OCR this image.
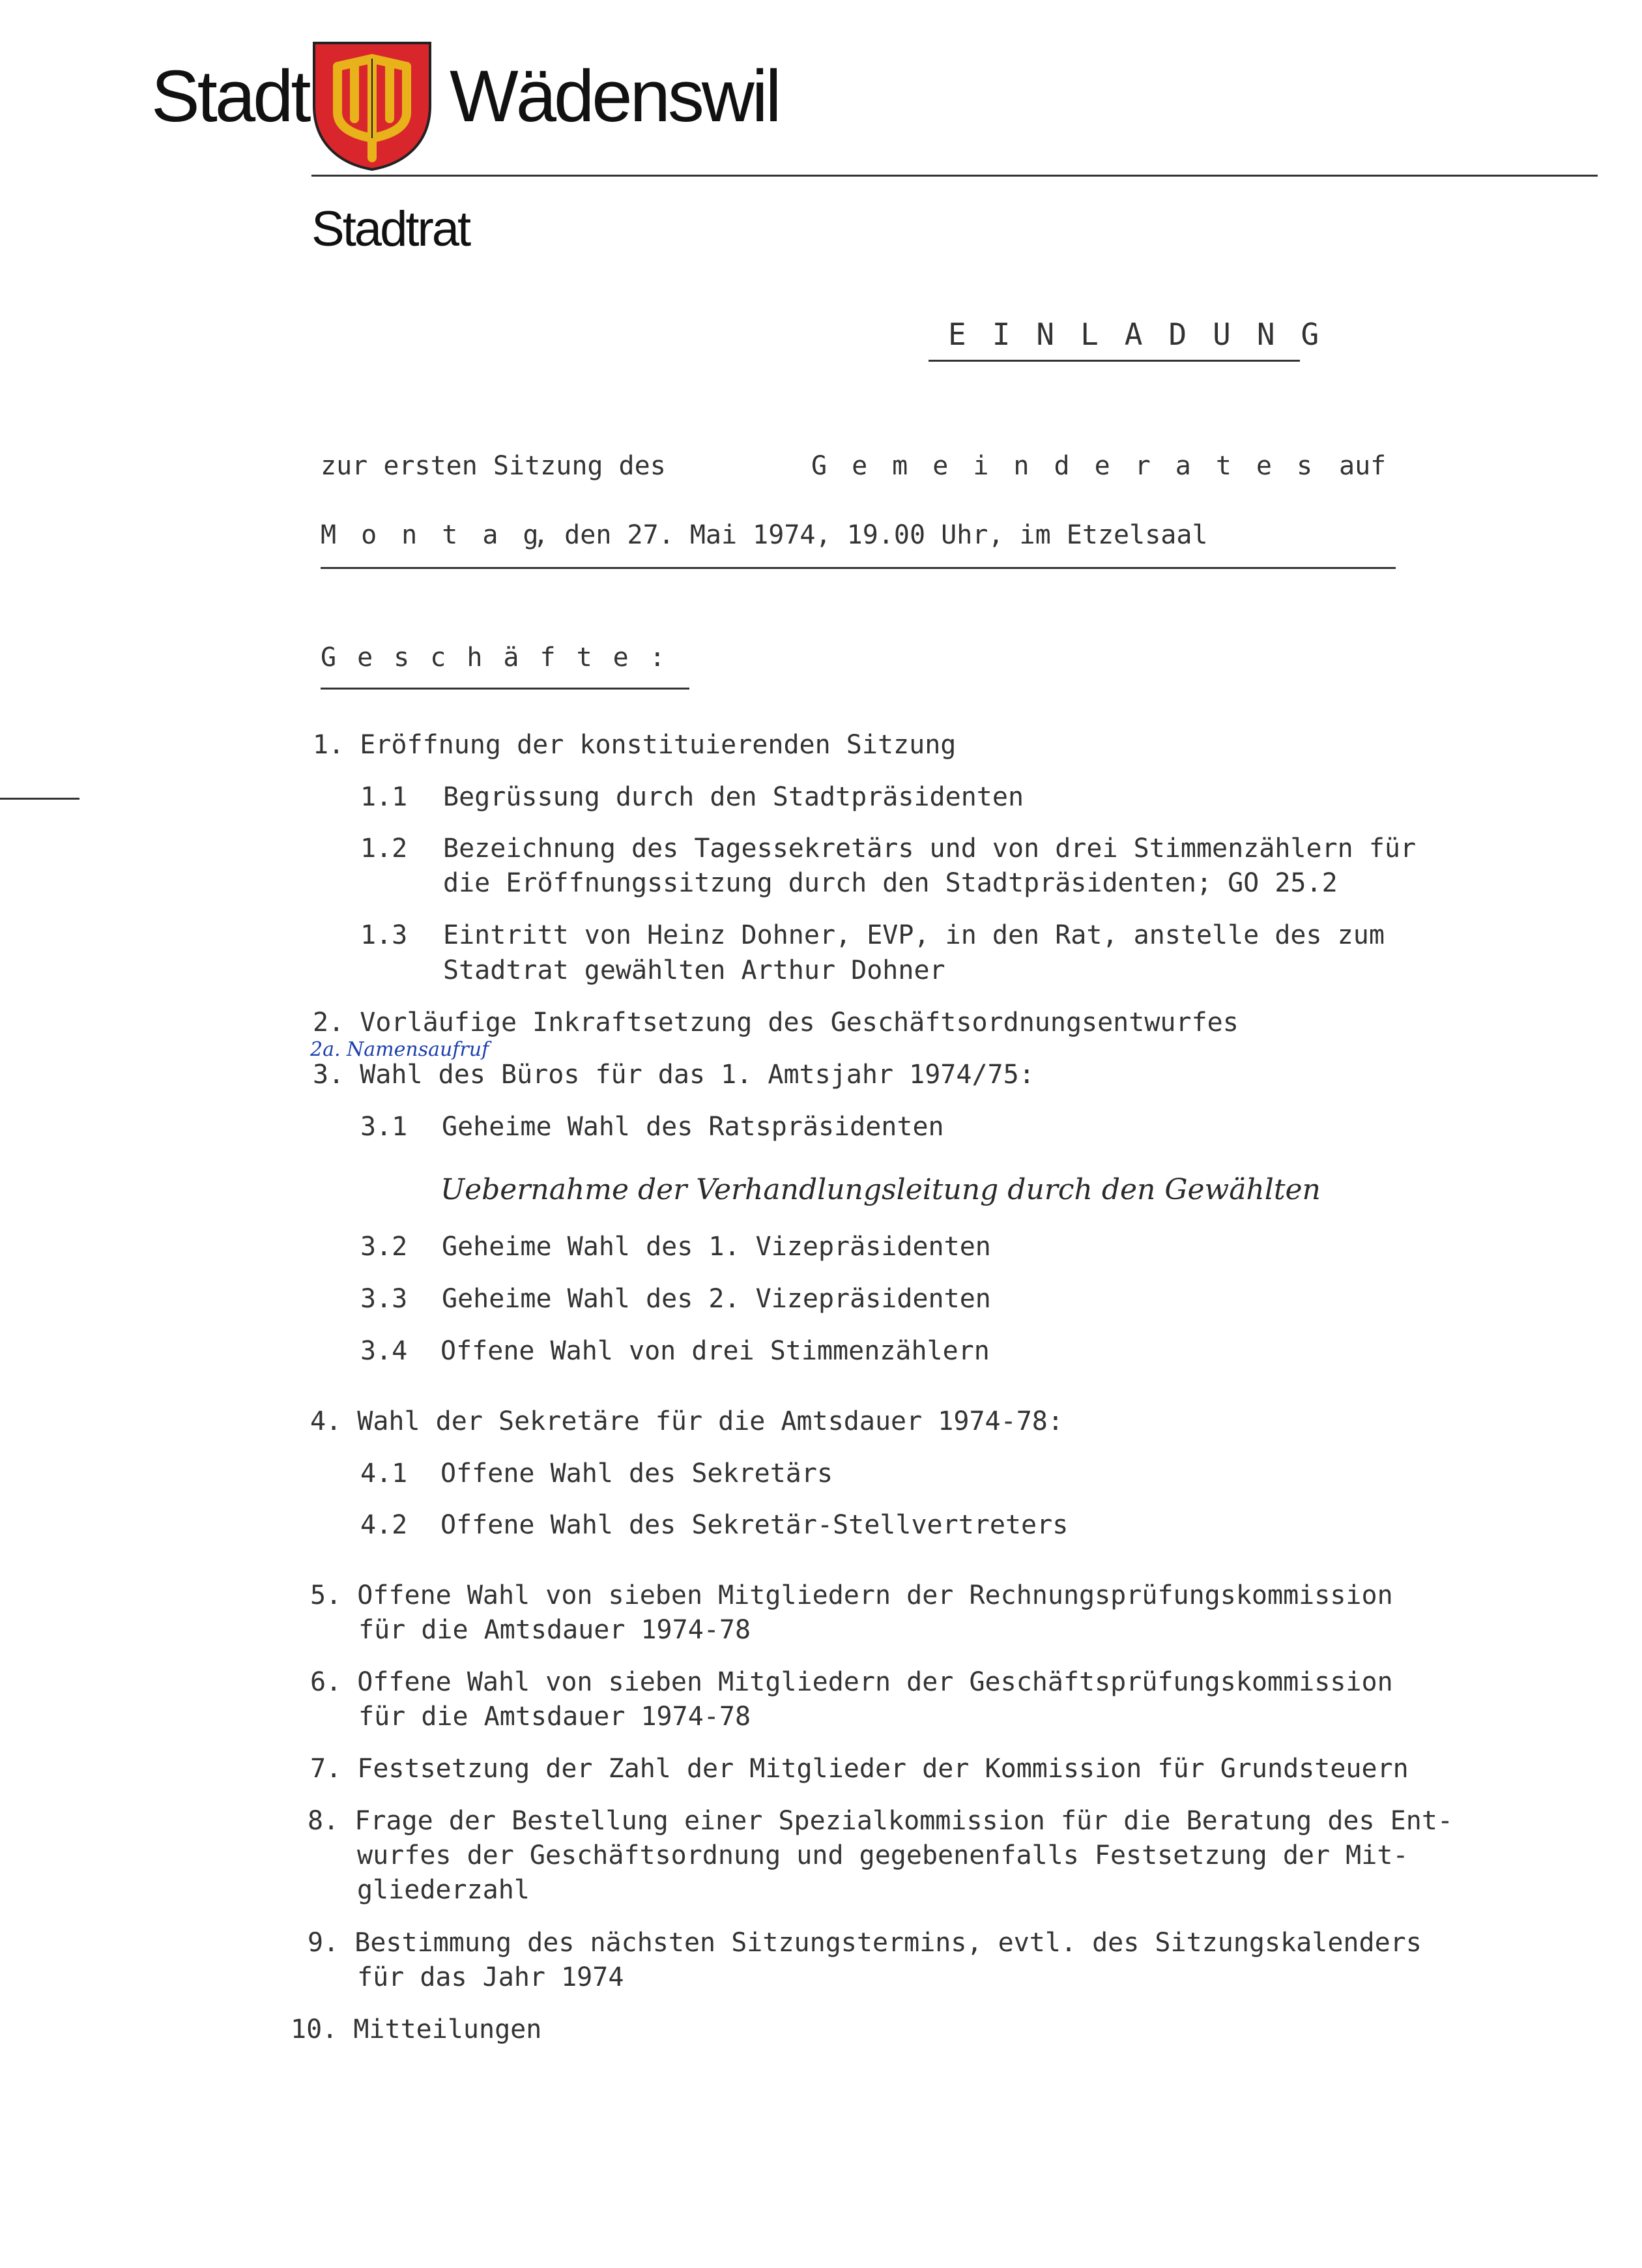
Stadt Wädenswil
Stadtrat
EINLADUNG
zur ersten Sitzung des	Gemeinderates auf
Montag
, den 27. Mai 1974, 19.00 Uhr, im Etzelsaal
Geschäfte:
1. Eröffnung der konstituierenden Sitzung
1.1 Begrüssung durch den Stadtpräsidenten
1.2 Bezeichnung des Tagessekretärs und von drei Stimmenzählern für
die Eröffnungssitzung durch den Stadtpräsidenten; GO 25.2
1.3 Eintritt von Heinz Dohner, EVP, in den Rat, anstelle des zum
Stadtrat gewählten Arthur Dohner
2. Vorläufige Inkraftsetzung des Geschäftsordnungsentwurfes
2a. Namensaufruf
3. Wahl des Büros für das 1. Amtsjahr 1974/75:
3.1 Geheime Wahl des Ratspräsidenten
Uebernahme der Verhandlungsleitung durch den Gewählten
3.2 Geheime Wahl des 1. Vizepräsidenten
3.3 Geheime Wahl des 2. Vizepräsidenten
3.4 Offene Wahl von drei Stimmenzählern
4. Wahl der Sekretäre für die Amtsdauer 1974-78:
4.1 Offene Wahl des Sekretärs
4.2 Offene Wahl des Sekretär-Stellvertreters
5. Offene Wahl von sieben Mitgliedern der Rechnungsprüfungskommission
für die Amtsdauer 1974-78
6. Offene Wahl von sieben Mitgliedern der Geschäftsprüfungskommission
für die Amtsdauer 1974-78
7. Festsetzung der Zahl der Mitglieder der Kommission für Grundsteuern
8. Frage der Bestellung einer Spezialkommission für die Beratung des Ent-
wurfes der Geschäftsordnung und gegebenenfalls Festsetzung der Mit-
gliederzahl
9. Bestimmung des nächsten Sitzungstermins, evtl. des Sitzungskalenders
für das Jahr 1974
10. Mitteilungen
